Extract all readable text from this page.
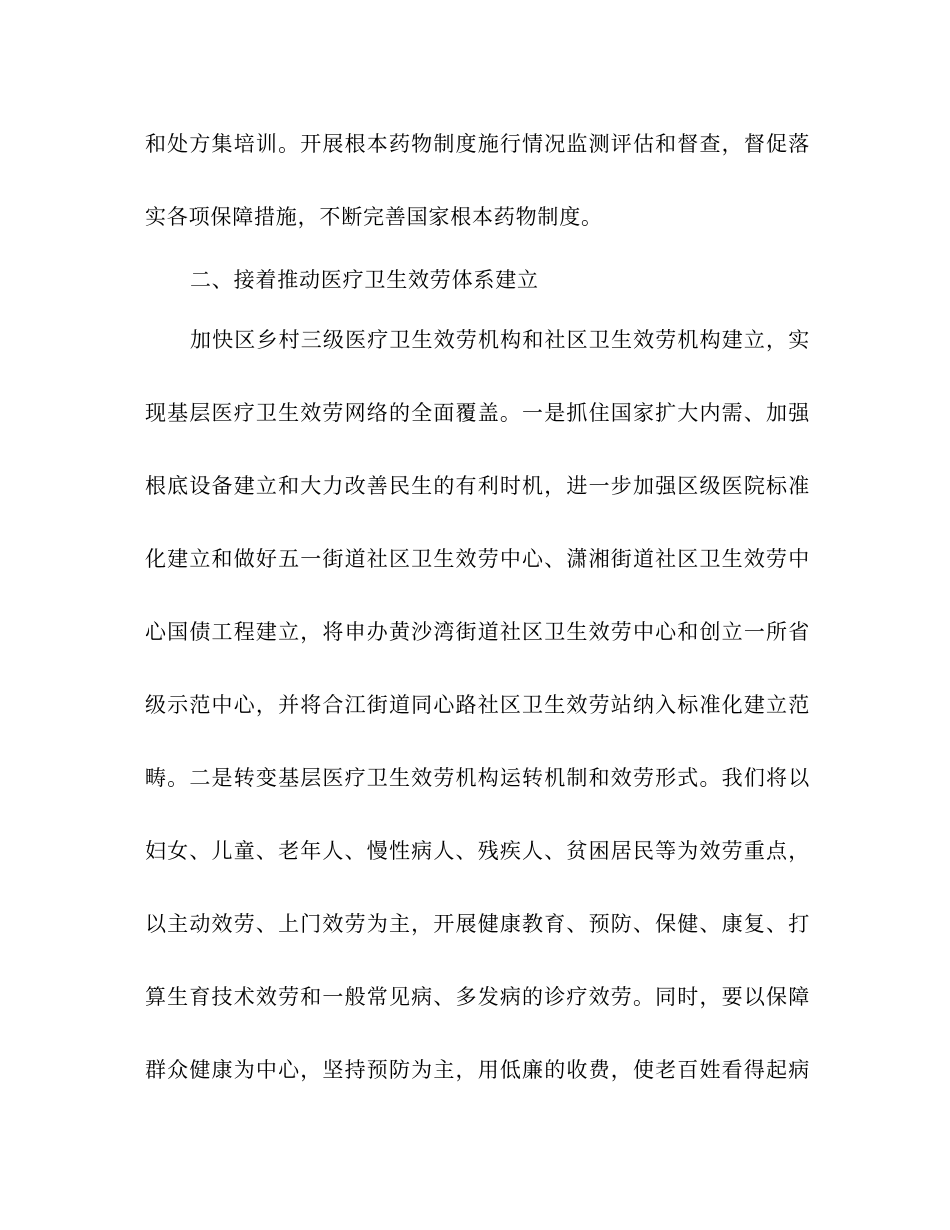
和处方集培训。开展根本药物制度施行情况监测评估和督查，督促落
实各项保障措施，不断完善国家根本药物制度。
二、接着推动医疗卫生效劳体系建立
加快区乡村三级医疗卫生效劳机构和社区卫生效劳机构建立，实
现基层医疗卫生效劳网络的全面覆盖。一是抓住国家扩大内需、加强
根底设备建立和大力改善民生的有利时机，进一步加强区级医院标准
化建立和做好五一街道社区卫生效劳中心、潇湘街道社区卫生效劳中
心国债工程建立，将申办黄沙湾街道社区卫生效劳中心和创立一所省
级示范中心，并将合江街道同心路社区卫生效劳站纳入标准化建立范
畴。二是转变基层医疗卫生效劳机构运转机制和效劳形式。我们将以
妇女、儿童、老年人、慢性病人、残疾人、贫困居民等为效劳重点，
以主动效劳、上门效劳为主，开展健康教育、预防、保健、康复、打
算生育技术效劳和一般常见病、多发病的诊疗效劳。同时，要以保障
群众健康为中心，坚持预防为主，用低廉的收费，使老百姓看得起病
